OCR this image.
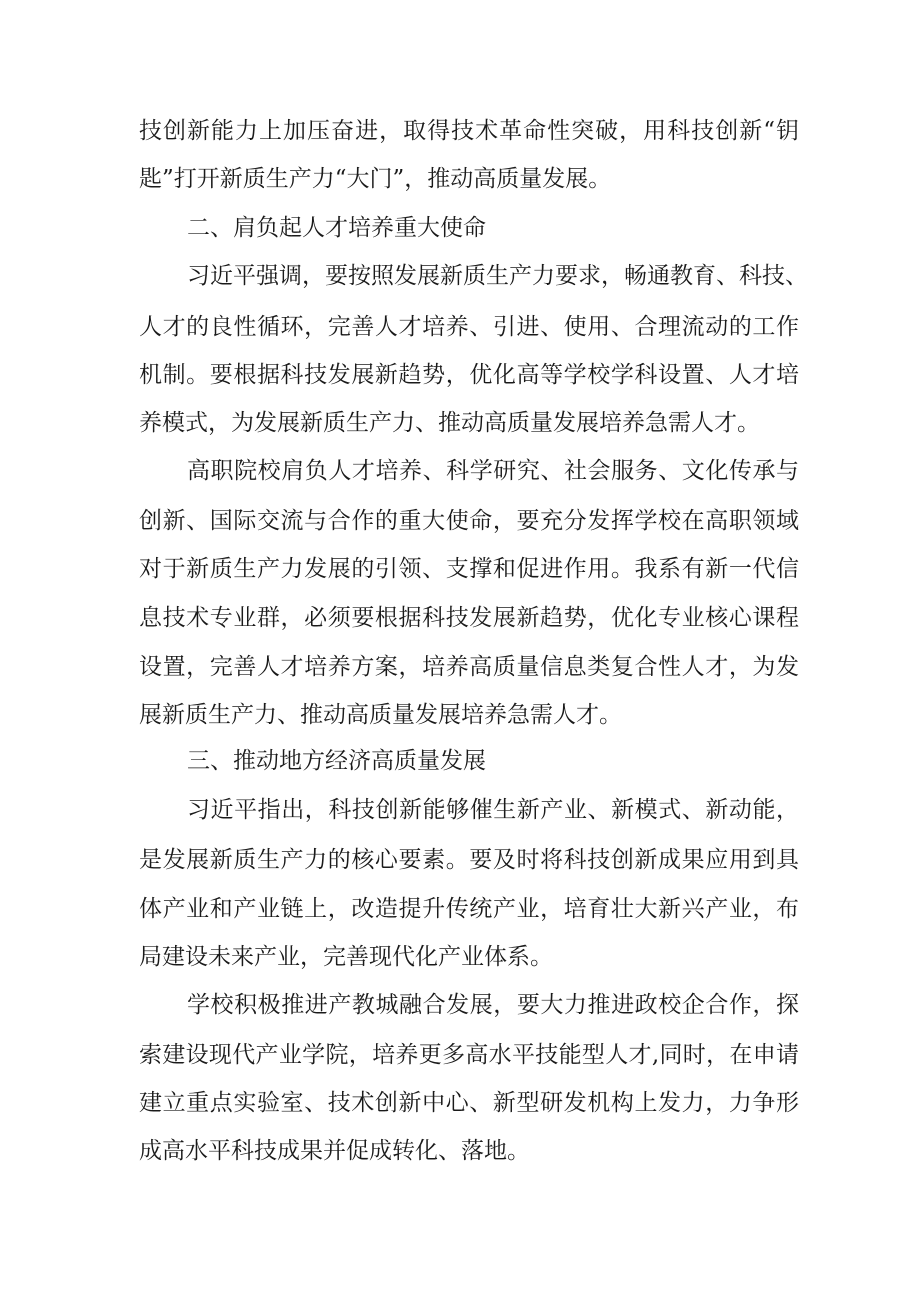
技创新能力上加压奋进，取得技术革命性突破，用科技创新“钥
匙”打开新质生产力“大门”，推动高质量发展。
二、肩负起人才培养重大使命
习近平强调，要按照发展新质生产力要求，畅通教育、科技、
人才的良性循环，完善人才培养、引进、使用、合理流动的工作
机制。要根据科技发展新趋势，优化高等学校学科设置、人才培
养模式，为发展新质生产力、推动高质量发展培养急需人才。
高职院校肩负人才培养、科学研究、社会服务、文化传承与
创新、国际交流与合作的重大使命，要充分发挥学校在高职领域
对于新质生产力发展的引领、支撑和促进作用。我系有新一代信
息技术专业群，必须要根据科技发展新趋势，优化专业核心课程
设置，完善人才培养方案，培养高质量信息类复合性人才，为发
展新质生产力、推动高质量发展培养急需人才。
三、推动地方经济高质量发展
习近平指出，科技创新能够催生新产业、新模式、新动能，
是发展新质生产力的核心要素。要及时将科技创新成果应用到具
体产业和产业链上，改造提升传统产业，培育壮大新兴产业，布
局建设未来产业，完善现代化产业体系。
学校积极推进产教城融合发展，要大力推进政校企合作，探
索建设现代产业学院，培养更多高水平技能型人才,同时，在申请
建立重点实验室、技术创新中心、新型研发机构上发力，力争形
成高水平科技成果并促成转化、落地。
